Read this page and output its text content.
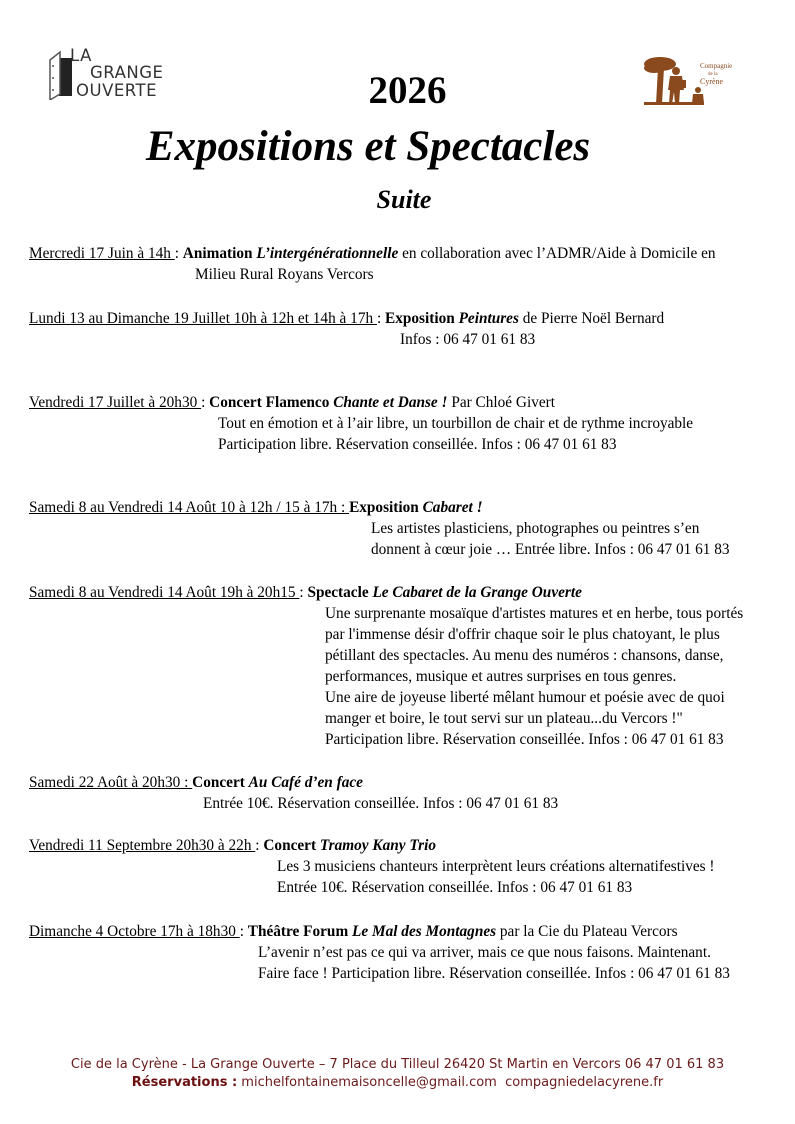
LA
GRANGE
OUVERTE
Compagnie
de la
Cyrène
2026
Expositions et Spectacles
Suite
Mercredi 17 Juin à 14h : Animation L’intergénérationnelle en collaboration avec l’ADMR/Aide à Domicile en
Milieu Rural Royans Vercors
Lundi 13 au Dimanche 19 Juillet 10h à 12h et 14h à 17h : Exposition Peintures de Pierre Noël Bernard
Infos : 06 47 01 61 83
Vendredi 17 Juillet à 20h30 : Concert Flamenco Chante et Danse ! Par Chloé Givert
Tout en émotion et à l’air libre, un tourbillon de chair et de rythme incroyable
Participation libre. Réservation conseillée. Infos : 06 47 01 61 83
Samedi 8 au Vendredi 14 Août 10 à 12h / 15 à 17h : Exposition Cabaret !
Les artistes plasticiens, photographes ou peintres s’en
donnent à cœur joie … Entrée libre. Infos : 06 47 01 61 83
Samedi 8 au Vendredi 14 Août 19h à 20h15 : Spectacle Le Cabaret de la Grange Ouverte
Une surprenante mosaïque d'artistes matures et en herbe, tous portés
par l'immense désir d'offrir chaque soir le plus chatoyant, le plus
pétillant des spectacles. Au menu des numéros : chansons, danse,
performances, musique et autres surprises en tous genres.
Une aire de joyeuse liberté mêlant humour et poésie avec de quoi
manger et boire, le tout servi sur un plateau...du Vercors !"
Participation libre. Réservation conseillée. Infos : 06 47 01 61 83
Samedi 22 Août à 20h30 : Concert Au Café d’en face
Entrée 10€. Réservation conseillée. Infos : 06 47 01 61 83
Vendredi 11 Septembre 20h30 à 22h : Concert Tramoy Kany Trio
Les 3 musiciens chanteurs interprètent leurs créations alternatifestives !
Entrée 10€. Réservation conseillée. Infos : 06 47 01 61 83
Dimanche 4 Octobre 17h à 18h30 : Théâtre Forum Le Mal des Montagnes par la Cie du Plateau Vercors
L’avenir n’est pas ce qui va arriver, mais ce que nous faisons. Maintenant.
Faire face ! Participation libre. Réservation conseillée. Infos : 06 47 01 61 83
Cie de la Cyrène - La Grange Ouverte – 7 Place du Tilleul 26420 St Martin en Vercors 06 47 01 61 83
Réservations : michelfontainemaisoncelle@gmail.com compagniedelacyrene.fr
